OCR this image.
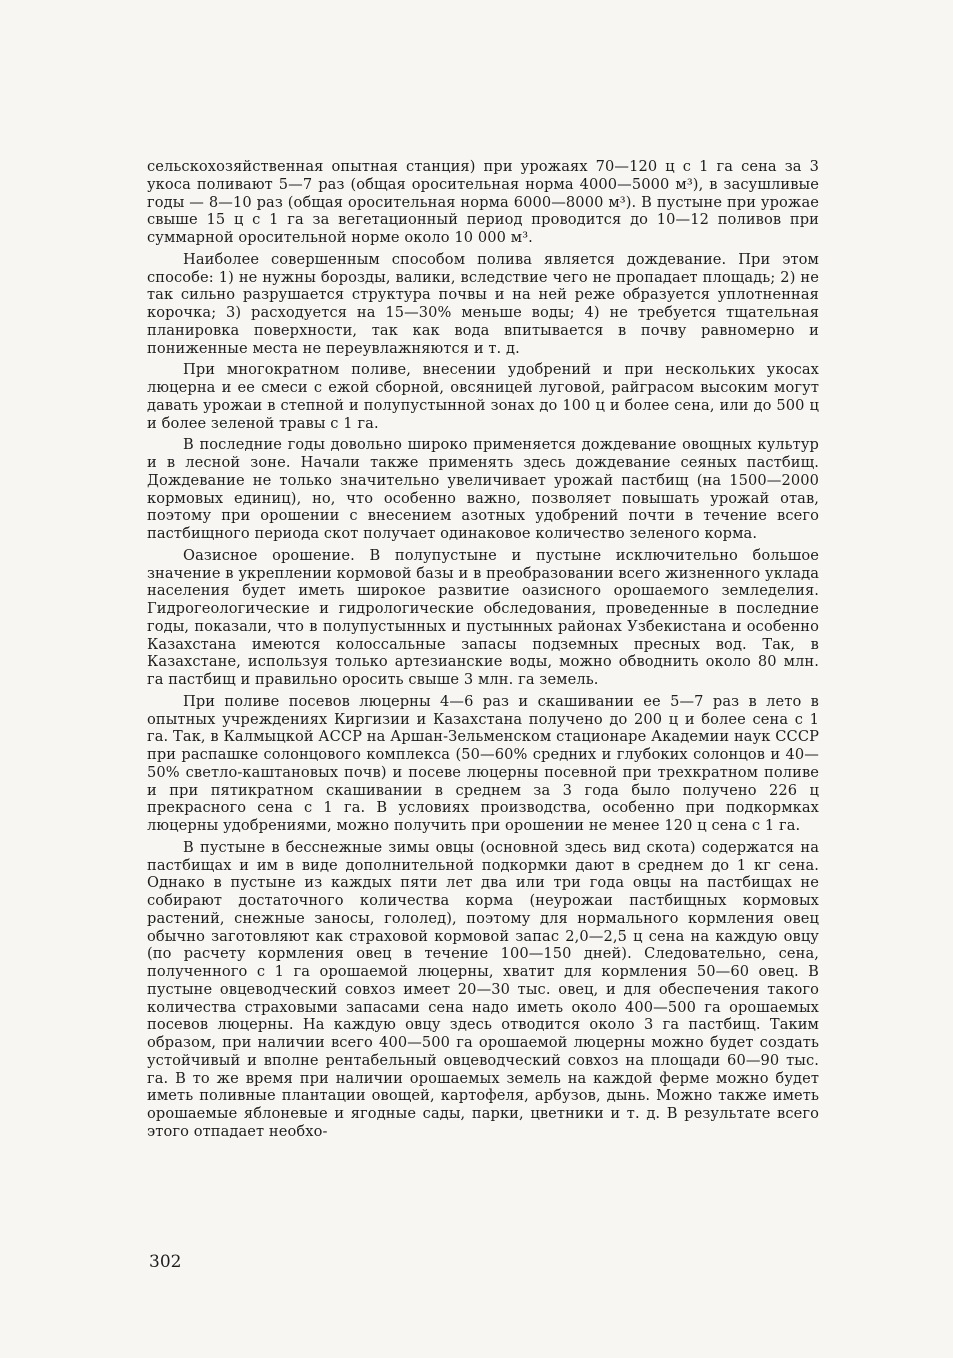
сельскохозяйственная опытная станция) при урожаях 70—120 ц с 1 га сена за 3 укоса поливают 5—7 раз (общая оросительная норма 4000—5000 м³), в засушливые годы — 8—10 раз (общая оросительная норма 6000—8000 м³). В пустыне при урожае свыше 15 ц с 1 га за вегетационный период проводится до 10—12 поливов при суммарной оросительной норме около 10 000 м³.

Наиболее совершенным способом полива является дождевание. При этом способе: 1) не нужны борозды, валики, вследствие чего не пропадает площадь; 2) не так сильно разрушается структура почвы и на ней реже образуется уплотненная корочка; 3) расходуется на 15—30% меньше воды; 4) не требуется тщательная планировка поверхности, так как вода впитывается в почву равномерно и пониженные места не переувлажняются и т. д.

При многократном поливе, внесении удобрений и при нескольких укосах люцерна и ее смеси с ежой сборной, овсяницей луговой, райграсом высоким могут давать урожаи в степной и полупустынной зонах до 100 ц и более сена, или до 500 ц и более зеленой травы с 1 га.

В последние годы довольно широко применяется дождевание овощных культур и в лесной зоне. Начали также применять здесь дождевание сеяных пастбищ. Дождевание не только значительно увеличивает урожай пастбищ (на 1500—2000 кормовых единиц), но, что особенно важно, позволяет повышать урожай отав, поэтому при орошении с внесением азотных удобрений почти в течение всего пастбищного периода скот получает одинаковое количество зеленого корма.

Оазисное орошение. В полупустыне и пустыне исключительно большое значение в укреплении кормовой базы и в преобразовании всего жизненного уклада населения будет иметь широкое развитие оазисного орошаемого земледелия. Гидрогеологические и гидрологические обследования, проведенные в последние годы, показали, что в полупустынных и пустынных районах Узбекистана и особенно Казахстана имеются колоссальные запасы подземных пресных вод. Так, в Казахстане, используя только артезианские воды, можно обводнить около 80 млн. га пастбищ и правильно оросить свыше 3 млн. га земель.

При поливе посевов люцерны 4—6 раз и скашивании ее 5—7 раз в лето в опытных учреждениях Киргизии и Казахстана получено до 200 ц и более сена с 1 га. Так, в Калмыцкой АССР на Аршан-Зельменском стационаре Академии наук СССР при распашке солонцового комплекса (50—60% средних и глубоких солонцов и 40—50% светло-каштановых почв) и посеве люцерны посевной при трехкратном поливе и при пятикратном скашивании в среднем за 3 года было получено 226 ц прекрасного сена с 1 га. В условиях производства, особенно при подкормках люцерны удобрениями, можно получить при орошении не менее 120 ц сена с 1 га.

В пустыне в бесснежные зимы овцы (основной здесь вид скота) содержатся на пастбищах и им в виде дополнительной подкормки дают в среднем до 1 кг сена. Однако в пустыне из каждых пяти лет два или три года овцы на пастбищах не собирают достаточного количества корма (неурожаи пастбищных кормовых растений, снежные заносы, гололед), поэтому для нормального кормления овец обычно заготовляют как страховой кормовой запас 2,0—2,5 ц сена на каждую овцу (по расчету кормления овец в течение 100—150 дней). Следовательно, сена, полученного с 1 га орошаемой люцерны, хватит для кормления 50—60 овец. В пустыне овцеводческий совхоз имеет 20—30 тыс. овец, и для обеспечения такого количества страховыми запасами сена надо иметь около 400—500 га орошаемых посевов люцерны. На каждую овцу здесь отводится около 3 га пастбищ. Таким образом, при наличии всего 400—500 га орошаемой люцерны можно будет создать устойчивый и вполне рентабельный овцеводческий совхоз на площади 60—90 тыс. га. В то же время при наличии орошаемых земель на каждой ферме можно будет иметь поливные плантации овощей, картофеля, арбузов, дынь. Можно также иметь орошаемые яблоневые и ягодные сады, парки, цветники и т. д. В результате всего этого отпадает необхо-

302
